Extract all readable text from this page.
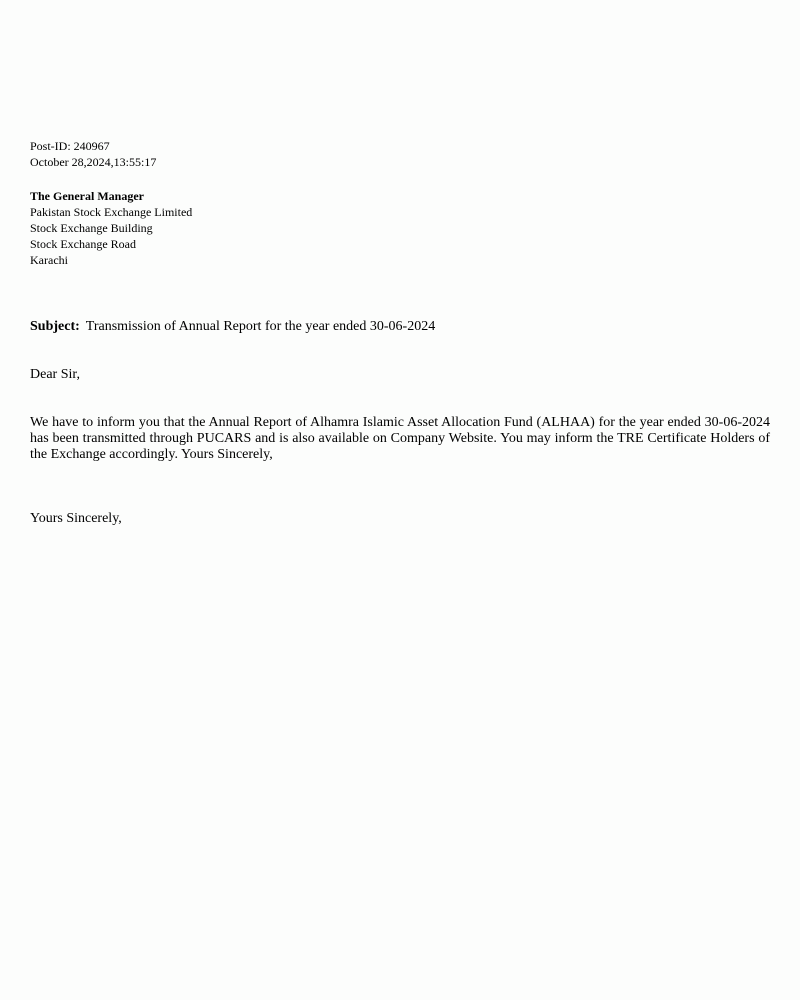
Post-ID: 240967
October 28,2024,13:55:17
The General Manager
Pakistan Stock Exchange Limited
Stock Exchange Building
Stock Exchange Road
Karachi
Subject: Transmission of Annual Report for the year ended 30-06-2024
Dear Sir,
We have to inform you that the Annual Report of Alhamra Islamic Asset Allocation Fund (ALHAA) for the year ended 30-06-2024 has been transmitted through PUCARS and is also available on Company Website. You may inform the TRE Certificate Holders of the Exchange accordingly. Yours Sincerely,
Yours Sincerely,
